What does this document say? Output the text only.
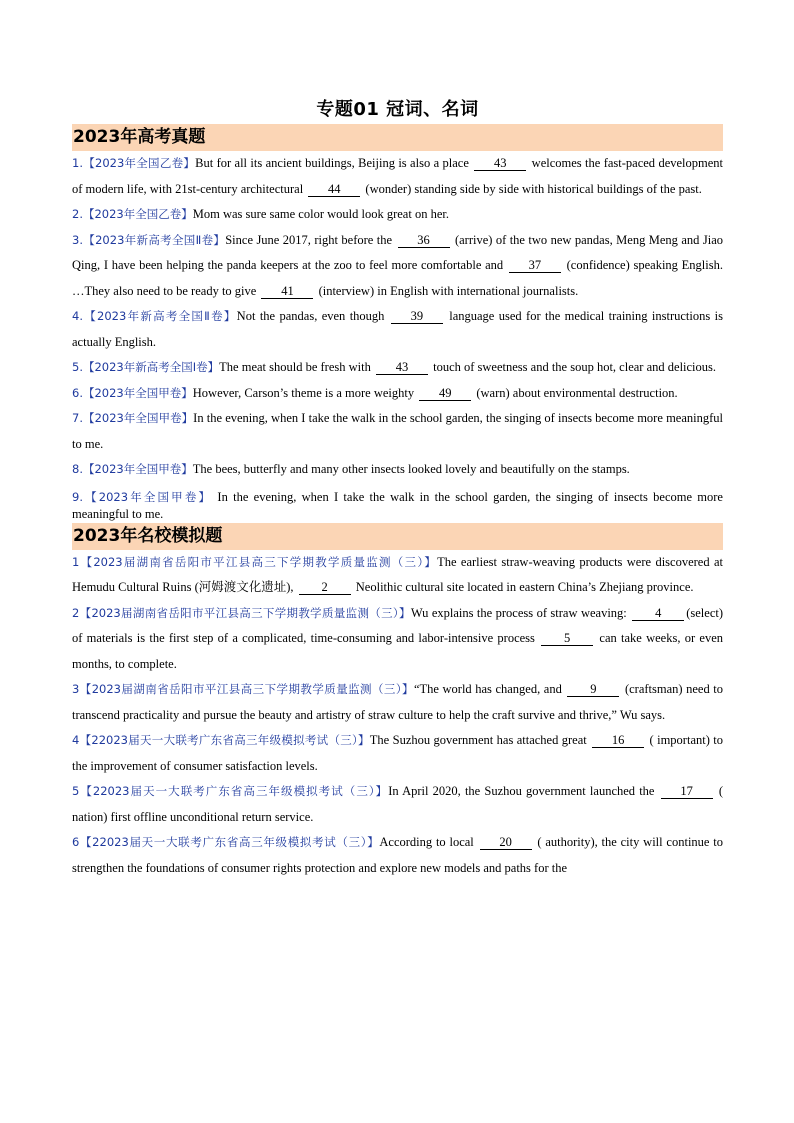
专题01 冠词、名词
2023年高考真题
1.【2023年全国乙卷】But for all its ancient buildings, Beijing is also a place 43 welcomes the fast-paced development of modern life, with 21st-century architectural 44 (wonder) standing side by side with historical buildings of the past.
2.【2023年全国乙卷】Mom was sure same color would look great on her.
3.【2023年新高考全国Ⅱ卷】Since June 2017, right before the 36 (arrive) of the two new pandas, Meng Meng and Jiao Qing, I have been helping the panda keepers at the zoo to feel more comfortable and 37 (confidence) speaking English. …They also need to be ready to give 41 (interview) in English with international journalists.
4.【2023年新高考全国Ⅱ卷】Not the pandas, even though 39 language used for the medical training instructions is actually English.
5.【2023年新高考全国Ⅰ卷】The meat should be fresh with 43 touch of sweetness and the soup hot, clear and delicious.
6.【2023年全国甲卷】However, Carson’s theme is a more weighty 49 (warn) about environmental destruction.
7.【2023年全国甲卷】In the evening, when I take the walk in the school garden, the singing of insects become more meaningful to me.
8.【2023年全国甲卷】The bees, butterfly and many other insects looked lovely and beautifully on the stamps.
9.【2023年全国甲卷】 In the evening, when I take the walk in the school garden, the singing of insects become more meaningful to me.
2023年名校模拟题
1【2023届湖南省岳阳市平江县高三下学期教学质量监测（三）】The earliest straw-weaving products were discovered at Hemudu Cultural Ruins (河姆渡文化遗址), 2 Neolithic cultural site located in eastern China’s Zhejiang province.
2【2023届湖南省岳阳市平江县高三下学期教学质量监测（三）】Wu explains the process of straw weaving: 4 (select) of materials is the first step of a complicated, time-consuming and labor-intensive process 5 can take weeks, or even months, to complete.
3【2023届湖南省岳阳市平江县高三下学期教学质量监测（三）】“The world has changed, and 9 (craftsman) need to transcend practicality and pursue the beauty and artistry of straw culture to help the craft survive and thrive,” Wu says.
4【22023届天一大联考广东省高三年级模拟考试（三）】The Suzhou government has attached great 16 ( important) to the improvement of consumer satisfaction levels.
5【22023届天一大联考广东省高三年级模拟考试（三）】In April 2020, the Suzhou government launched the 17 ( nation) first offline unconditional return service.
6【22023届天一大联考广东省高三年级模拟考试（三）】According to local 20 ( authority), the city will continue to strengthen the foundations of consumer rights protection and explore new models and paths for the
